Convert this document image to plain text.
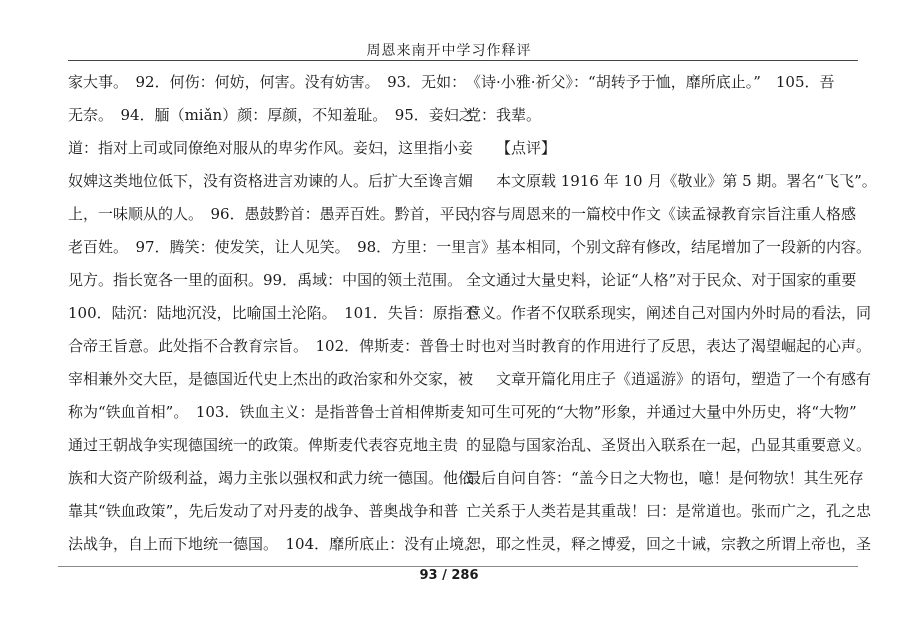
周恩来南开中学习作释评
家大事。　92．何伤：何妨，何害。没有妨害。　93．无如：
无奈。　94．腼（miǎn）颜：厚颜，不知羞耻。　95．妾妇之
道：指对上司或同僚绝对服从的卑劣作风。妾妇，这里指小妾
奴婢这类地位低下，没有资格进言劝谏的人。后扩大至谗言媚
上，一味顺从的人。　96．愚鼓黔首：愚弄百姓。黔首，平民，
老百姓。　97．腾笑：使发笑，让人见笑。　98．方里：一里
见方。指长宽各一里的面积。99．禹域：中国的领土范围。
100．陆沉：陆地沉没，比喻国土沦陷。　101．失旨：原指不
合帝王旨意。此处指不合教育宗旨。　102．俾斯麦：普鲁士
宰相兼外交大臣，是德国近代史上杰出的政治家和外交家，被
称为“铁血首相”。　103．铁血主义：是指普鲁士首相俾斯麦
通过王朝战争实现德国统一的政策。俾斯麦代表容克地主贵
族和大资产阶级利益，竭力主张以强权和武力统一德国。他依
靠其“铁血政策”，先后发动了对丹麦的战争、普奥战争和普
法战争，自上而下地统一德国。　104．靡所底止：没有止境。
《诗·小雅·祈父》：“胡转予于恤，靡所底止。”　105．吾
党：我辈。
【点评】
本文原载 1916 年 10 月《敬业》第 5 期。署名“飞飞”。
内容与周恩来的一篇校中作文《读孟禄教育宗旨注重人格感
言》基本相同，个别文辞有修改，结尾增加了一段新的内容。
全文通过大量史料，论证“人格”对于民众、对于国家的重要
意义。作者不仅联系现实，阐述自己对国内外时局的看法，同
时也对当时教育的作用进行了反思，表达了渴望崛起的心声。
文章开篇化用庄子《逍遥游》的语句，塑造了一个有感有
知可生可死的“大物”形象，并通过大量中外历史，将“大物”
的显隐与国家治乱、圣贤出入联系在一起，凸显其重要意义。
最后自问自答：“盖今日之大物也，噫！是何物欤！其生死存
亡关系于人类若是其重哉！曰：是常道也。张而广之，孔之忠
恕，耶之性灵，释之博爱，回之十诫，宗教之所谓上帝也，圣
93 / 286
